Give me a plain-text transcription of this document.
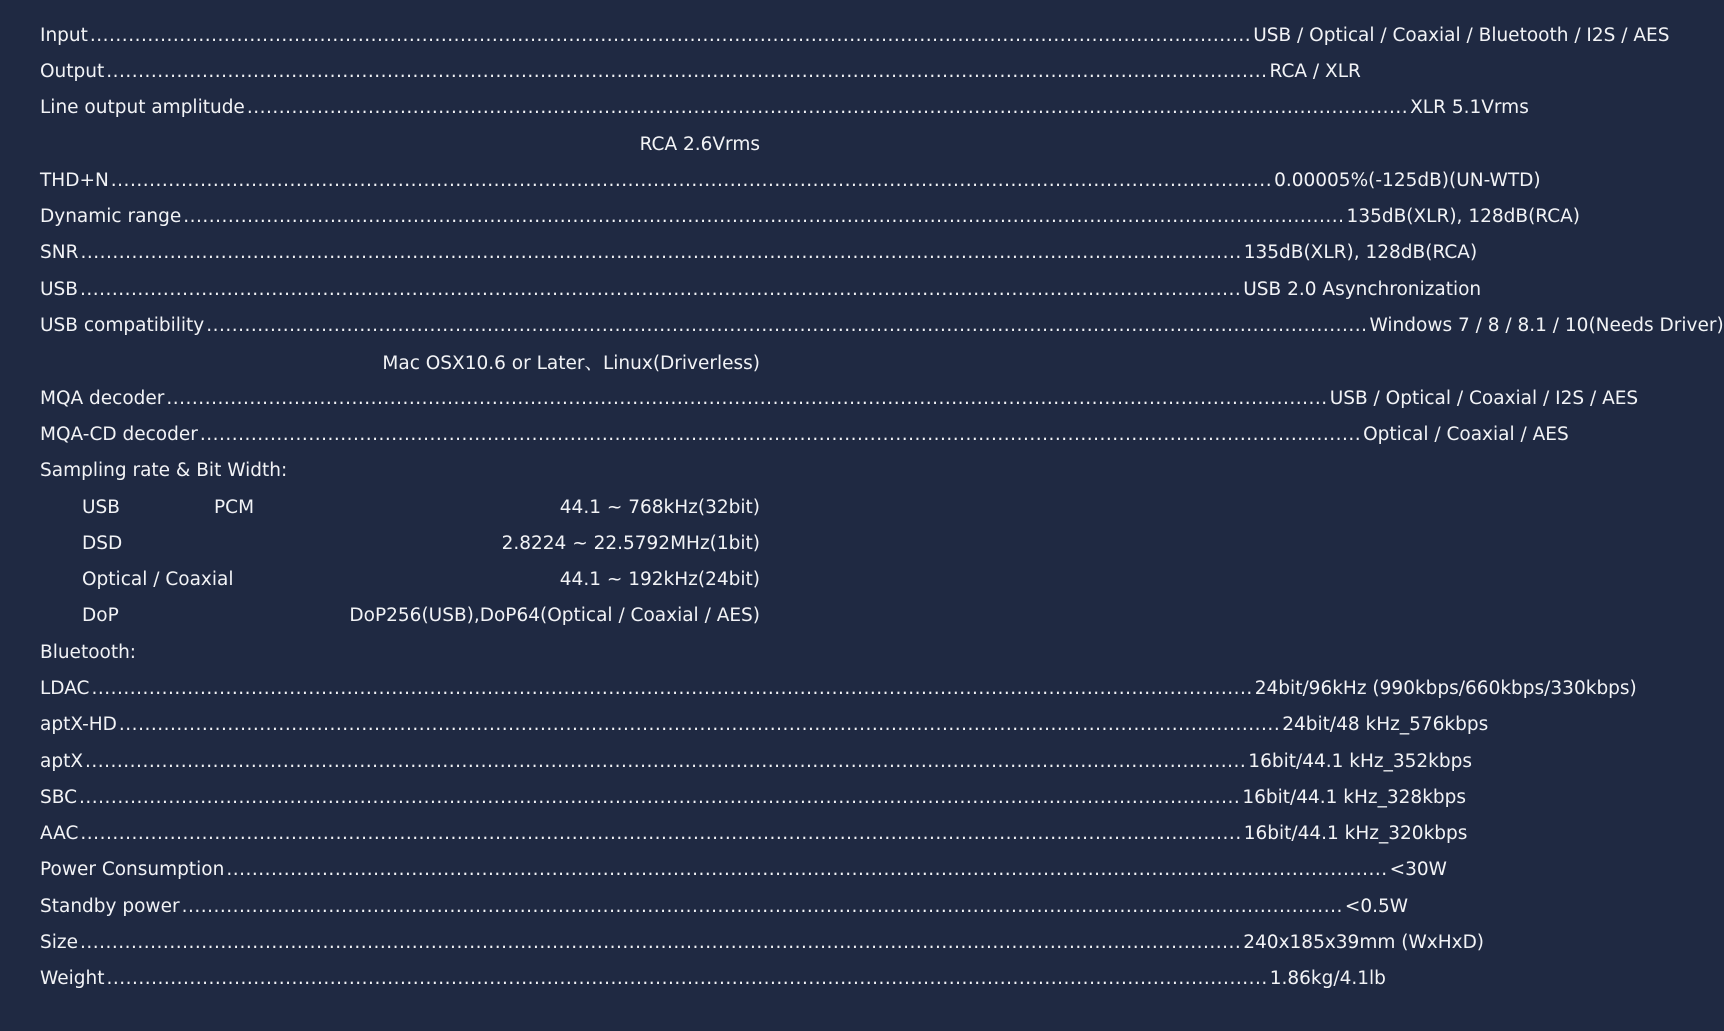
Input ...................................................................................................................................................................................... USB / Optical / Coaxial / Bluetooth / I2S / AES
Output ...................................................................................................................................................................................... RCA / XLR
Line output amplitude ...................................................................................................................................................................................... XLR 5.1Vrms
RCA 2.6Vrms
THD+N ...................................................................................................................................................................................... 0.00005%(-125dB)(UN-WTD)
Dynamic range ...................................................................................................................................................................................... 135dB(XLR), 128dB(RCA)
SNR ...................................................................................................................................................................................... 135dB(XLR), 128dB(RCA)
USB ...................................................................................................................................................................................... USB 2.0 Asynchronization
USB compatibility ...................................................................................................................................................................................... Windows 7 / 8 / 8.1 / 10(Needs Driver)
Mac OSX10.6 or Later、Linux(Driverless)
MQA decoder ...................................................................................................................................................................................... USB / Optical / Coaxial / I2S / AES
MQA-CD decoder ...................................................................................................................................................................................... Optical / Coaxial / AES
Sampling rate & Bit Width:
USB	PCM	44.1 ~ 768kHz(32bit)
DSD	2.8224 ~ 22.5792MHz(1bit)
Optical / Coaxial	44.1 ~ 192kHz(24bit)
DoP	DoP256(USB),DoP64(Optical / Coaxial / AES)
Bluetooth:
LDAC ...................................................................................................................................................................................... 24bit/96kHz (990kbps/660kbps/330kbps)
aptX-HD ...................................................................................................................................................................................... 24bit/48 kHz_576kbps
aptX ...................................................................................................................................................................................... 16bit/44.1 kHz_352kbps
SBC ...................................................................................................................................................................................... 16bit/44.1 kHz_328kbps
AAC ...................................................................................................................................................................................... 16bit/44.1 kHz_320kbps
Power Consumption ...................................................................................................................................................................................... <30W
Standby power ...................................................................................................................................................................................... <0.5W
Size ...................................................................................................................................................................................... 240x185x39mm (WxHxD)
Weight ...................................................................................................................................................................................... 1.86kg/4.1lb
